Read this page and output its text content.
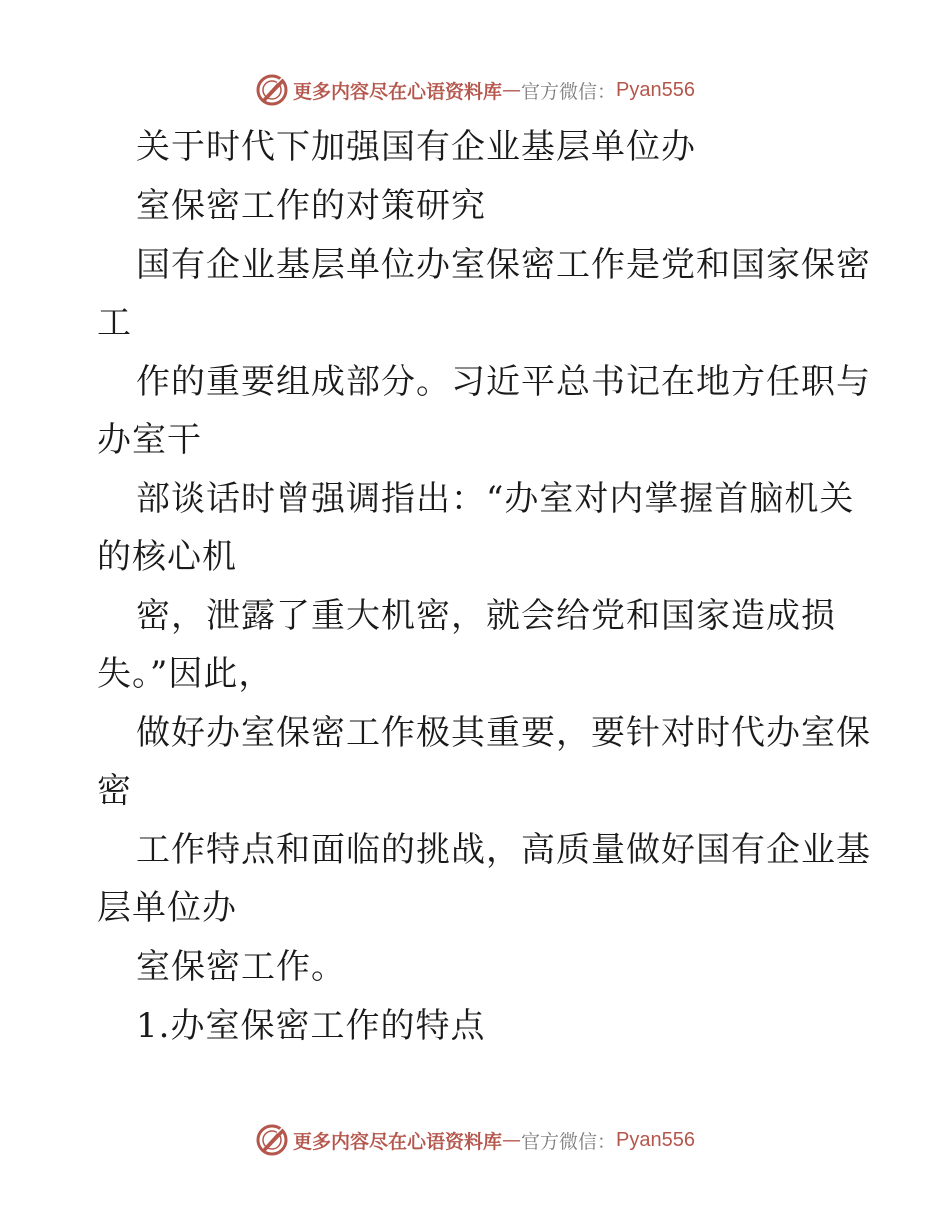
更多内容尽在心语资料库 — 官方微信： Pyan556
关于时代下加强国有企业基层单位办
室保密工作的对策研究
国有企业基层单位办室保密工作是党和国家保密
工
作的重要组成部分。习近平总书记在地方任职与
办室干
部谈话时曾强调指出：“办室对内掌握首脑机关
的核心机
密，泄露了重大机密，就会给党和国家造成损
失。”因此，
做好办室保密工作极其重要，要针对时代办室保
密
工作特点和面临的挑战，高质量做好国有企业基
层单位办
室保密工作。
1.办室保密工作的特点
更多内容尽在心语资料库 — 官方微信： Pyan556
